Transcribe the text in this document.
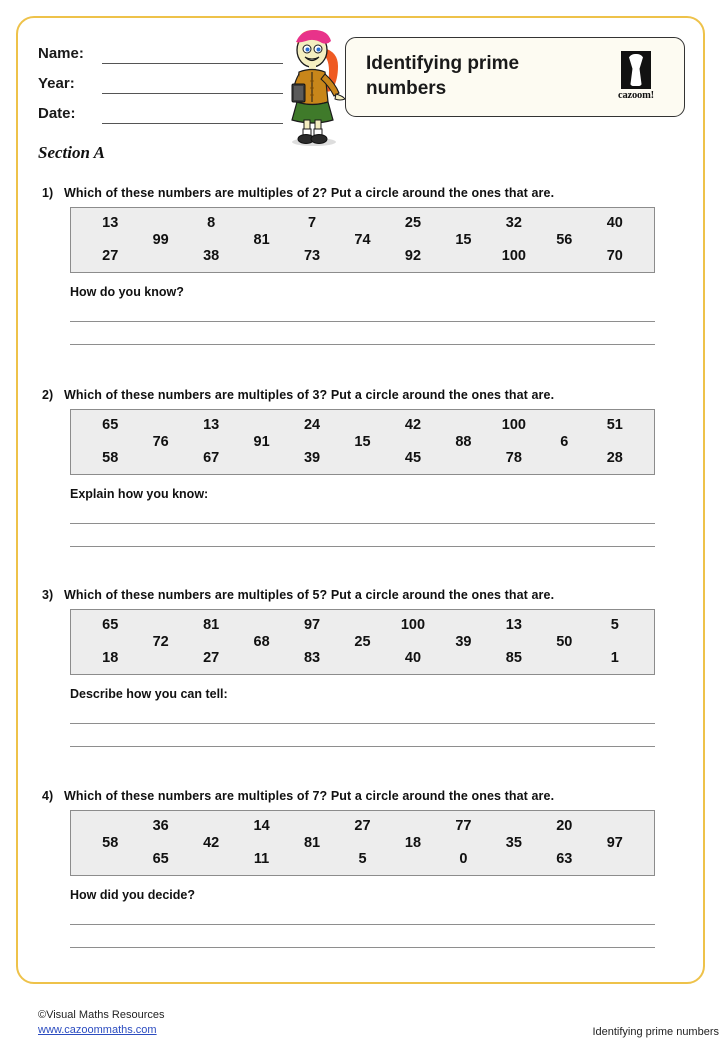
Name:
Year:
Date:
Identifying prime numbers	cazoom!
Section A
1) Which of these numbers are multiples of 2? Put a circle around the ones that are.
13
27
99
8
38
81
7
73
74
25
92
15
32
100
56
40
70
How do you know?
2) Which of these numbers are multiples of 3? Put a circle around the ones that are.
65
58
76
13
67
91
24
39
15
42
45
88
100
78
6
51
28
Explain how you know:
3) Which of these numbers are multiples of 5? Put a circle around the ones that are.
65
18
72
81
27
68
97
83
25
100
40
39
13
85
50
5
1
Describe how you can tell:
4) Which of these numbers are multiples of 7? Put a circle around the ones that are.
58
36
65
42
14
11
81
27
5
18
77
0
35
20
63
97
How did you decide?
©Visual Maths Resources
www.cazoommaths.com	Identifying prime numbers
